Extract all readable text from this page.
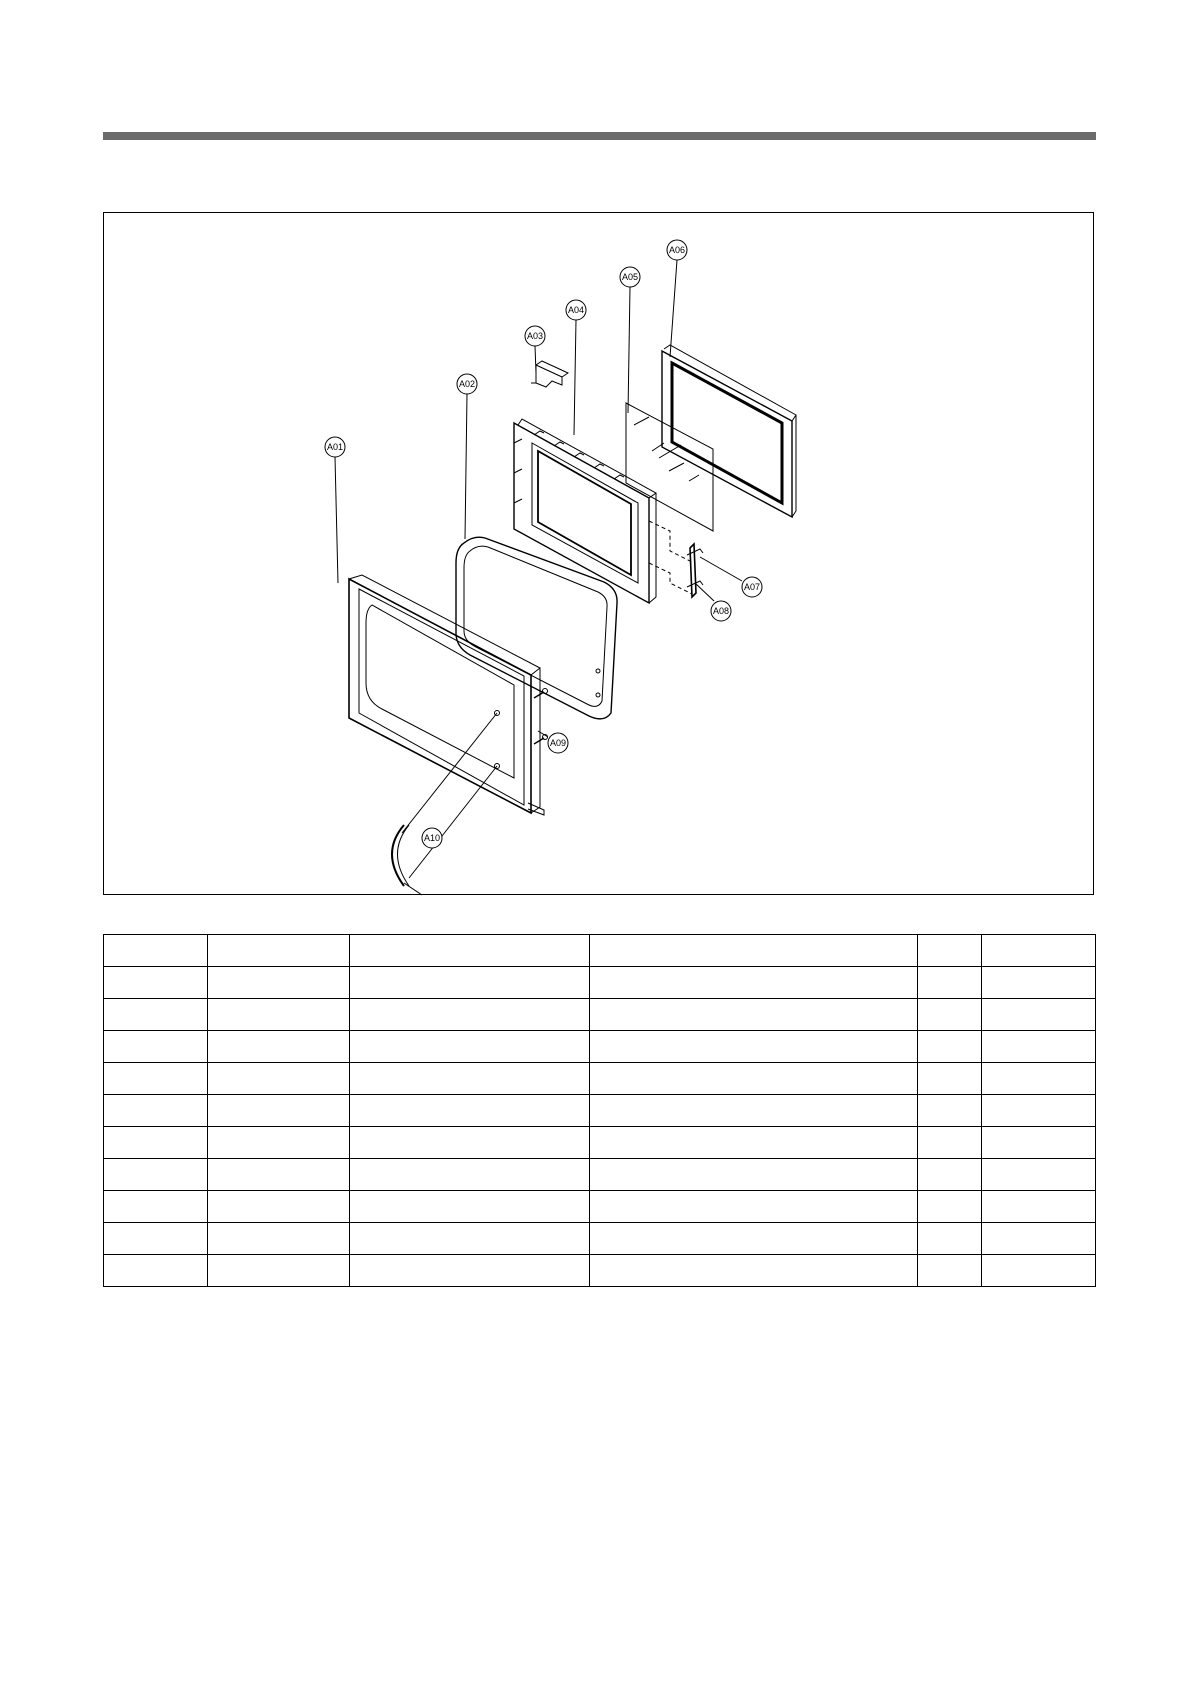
A01
A02
A03
A04
A05
A06
A07
A08
A09
A10
